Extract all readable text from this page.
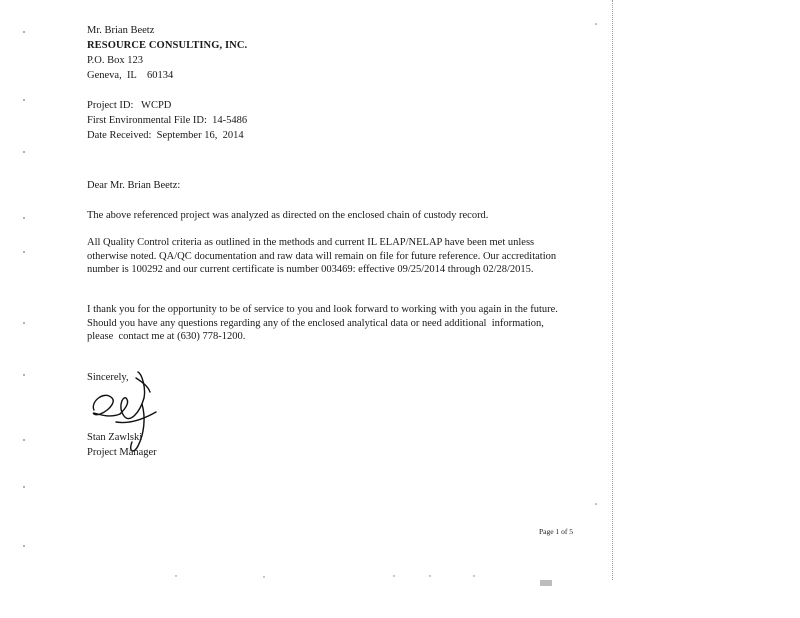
Mr. Brian Beetz
RESOURCE CONSULTING, INC.
P.O. Box 123
Geneva,  IL    60134
Project ID:   WCPD
First Environmental File ID:  14-5486
Date Received:  September 16,  2014
Dear Mr. Brian Beetz:
The above referenced project was analyzed as directed on the enclosed chain of custody record.
All Quality Control criteria as outlined in the methods and current IL ELAP/NELAP have been met unless otherwise noted. QA/QC documentation and raw data will remain on file for future reference. Our accreditation number is 100292 and our current certificate is number 003469: effective 09/25/2014 through 02/28/2015.
I thank you for the opportunity to be of service to you and look forward to working with you again in the future.  Should you have any questions regarding any of the enclosed analytical data or need additional  information,  please  contact me at (630) 778-1200.
Sincerely,
Stan Zawlski
Project Manager
Page 1 of 5
